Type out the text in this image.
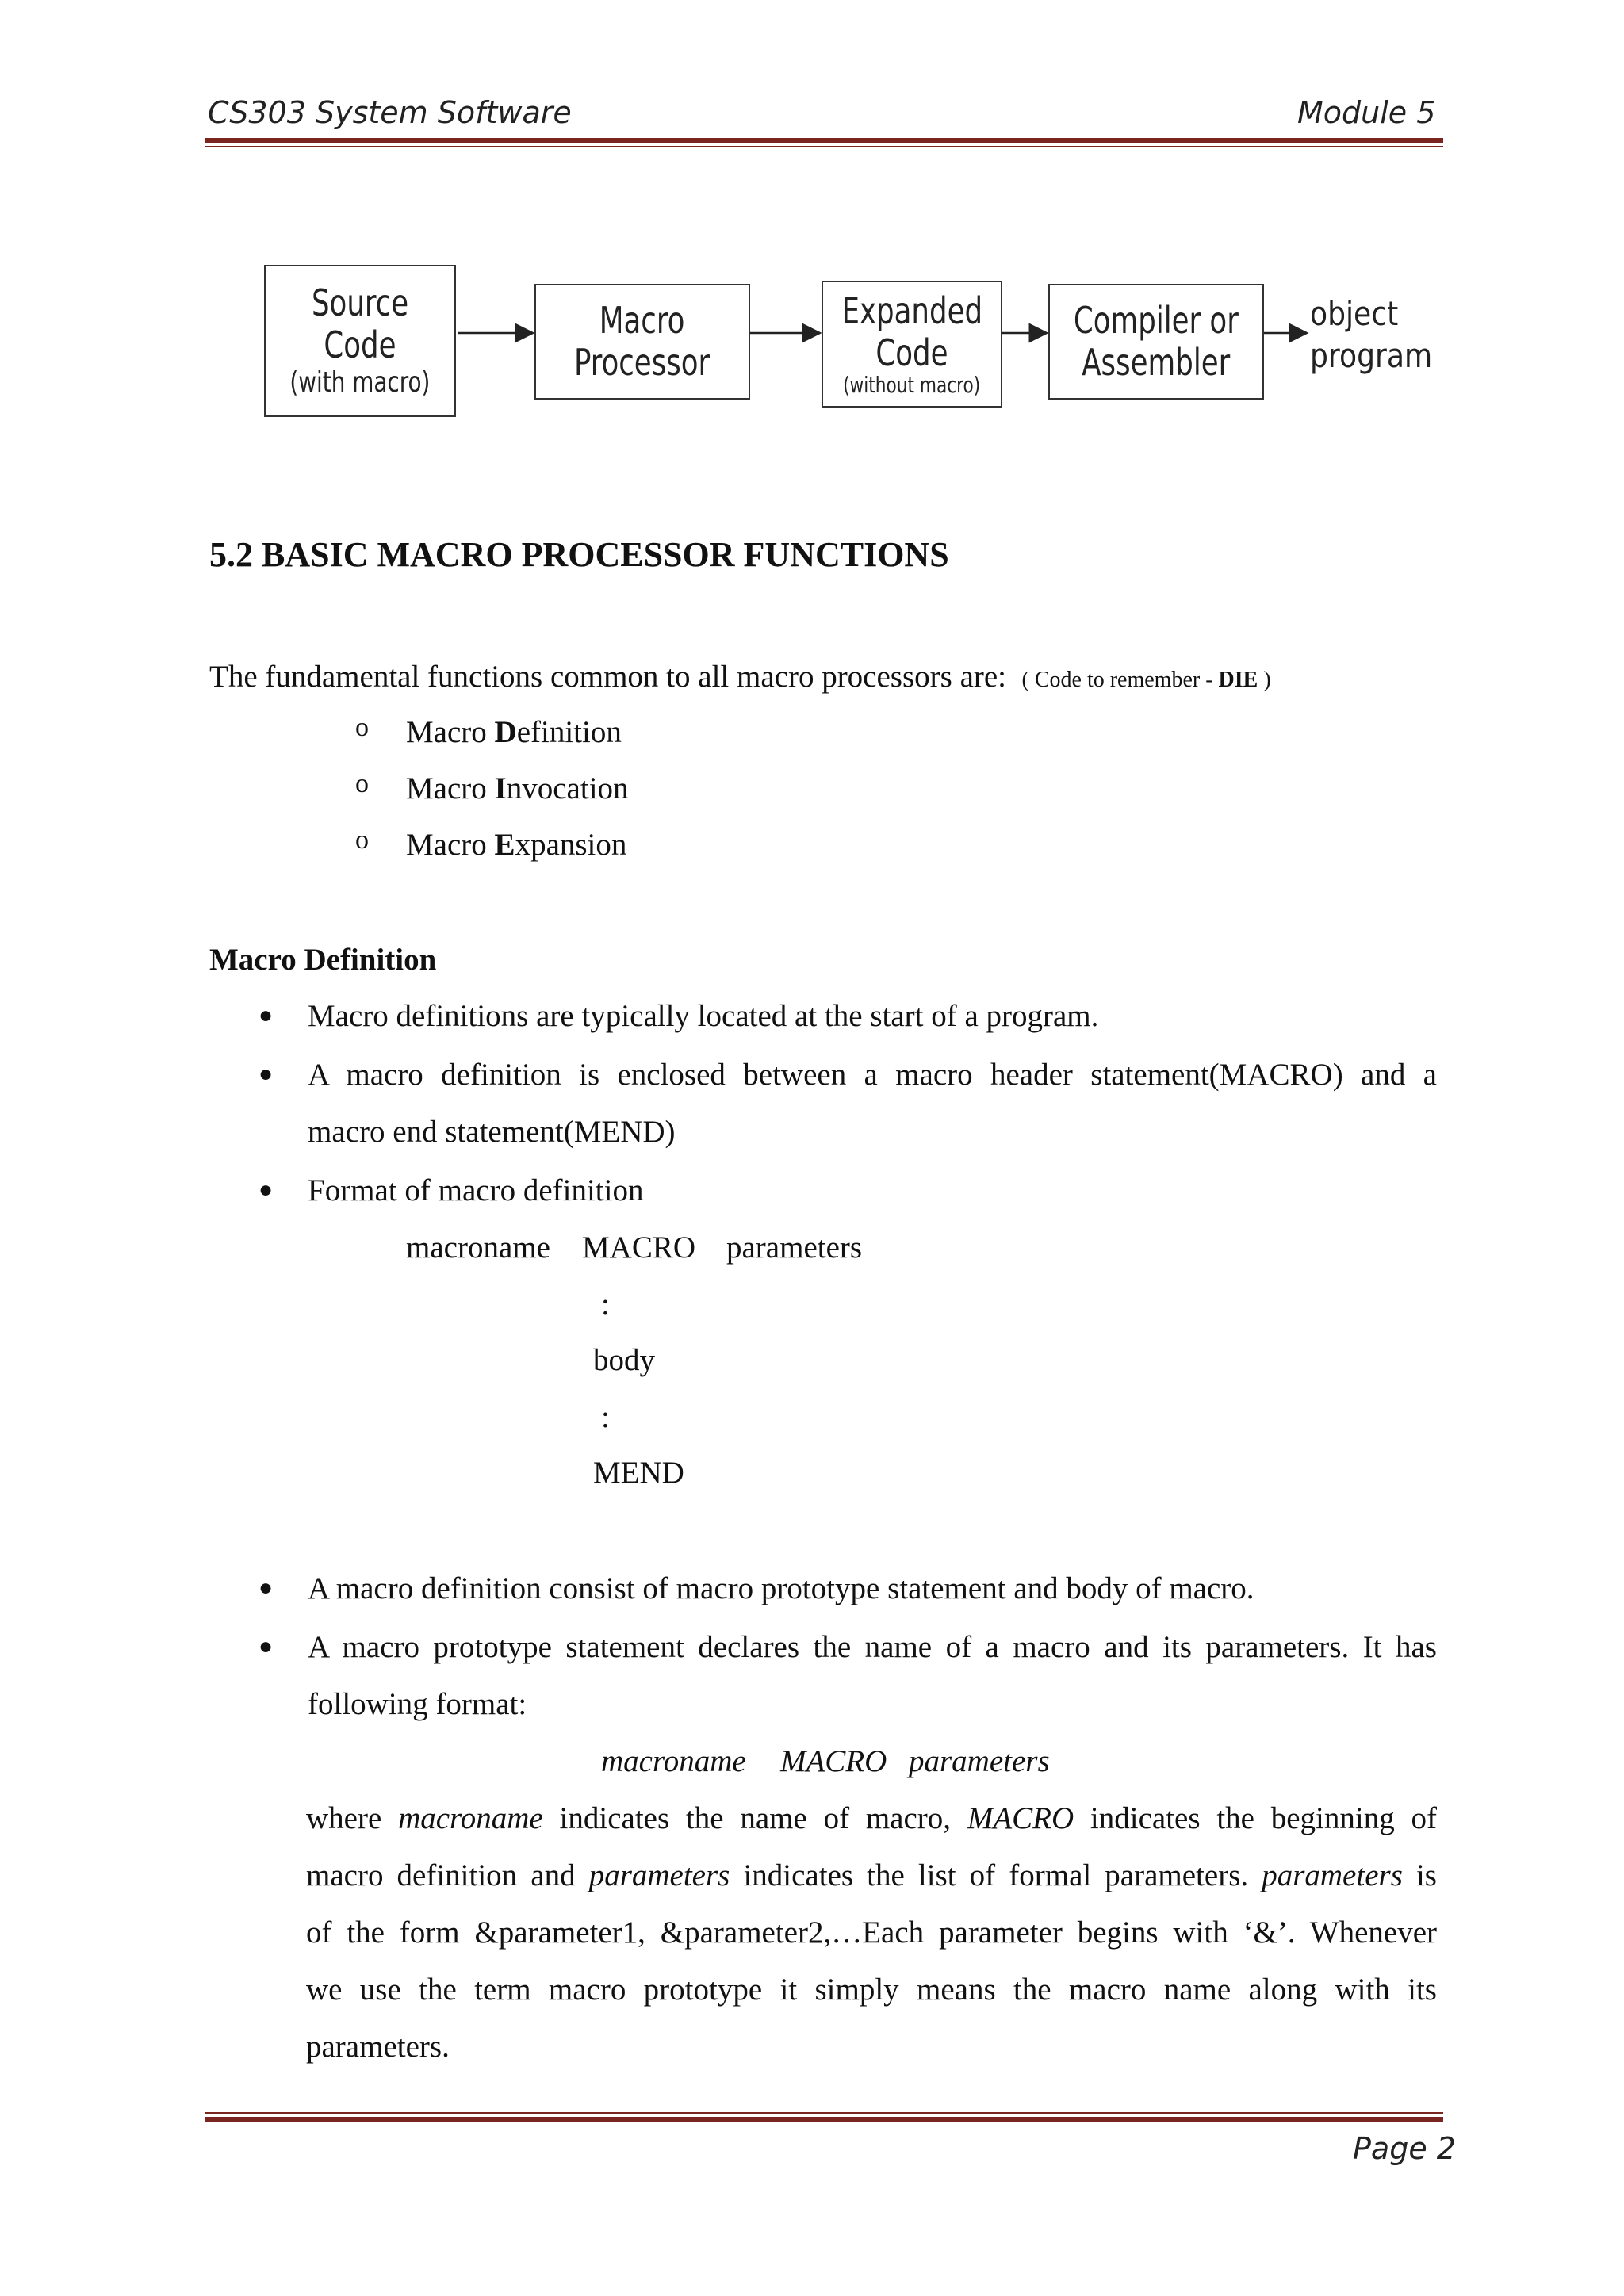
CS303 System Software	Module 5
Source
Code
(with macro)
Macro
Processor
Expanded
Code
(without macro)
Compiler or
Assembler
object
program
5.2 BASIC MACRO PROCESSOR FUNCTIONS
The fundamental functions common to all macro processors are: ( Code to remember - DIE )
o Macro Definition
o Macro Invocation
o Macro Expansion
Macro Definition
● Macro definitions are typically located at the start of a program.
● A macro definition is enclosed between a macro header statement(MACRO) and a
macro end statement(MEND)
● Format of macro definition
macroname MACRO parameters
:
body
:
MEND
● A macro definition consist of macro prototype statement and body of macro.
● A macro prototype statement declares the name of a macro and its parameters. It has
following format:
macroname MACRO parameters
where macroname indicates the name of macro, MACRO indicates the beginning of
macro definition and parameters indicates the list of formal parameters. parameters is
of the form &parameter1, &parameter2,…Each parameter begins with ‘&’. Whenever
we use the term macro prototype it simply means the macro name along with its
parameters.
Page 2
